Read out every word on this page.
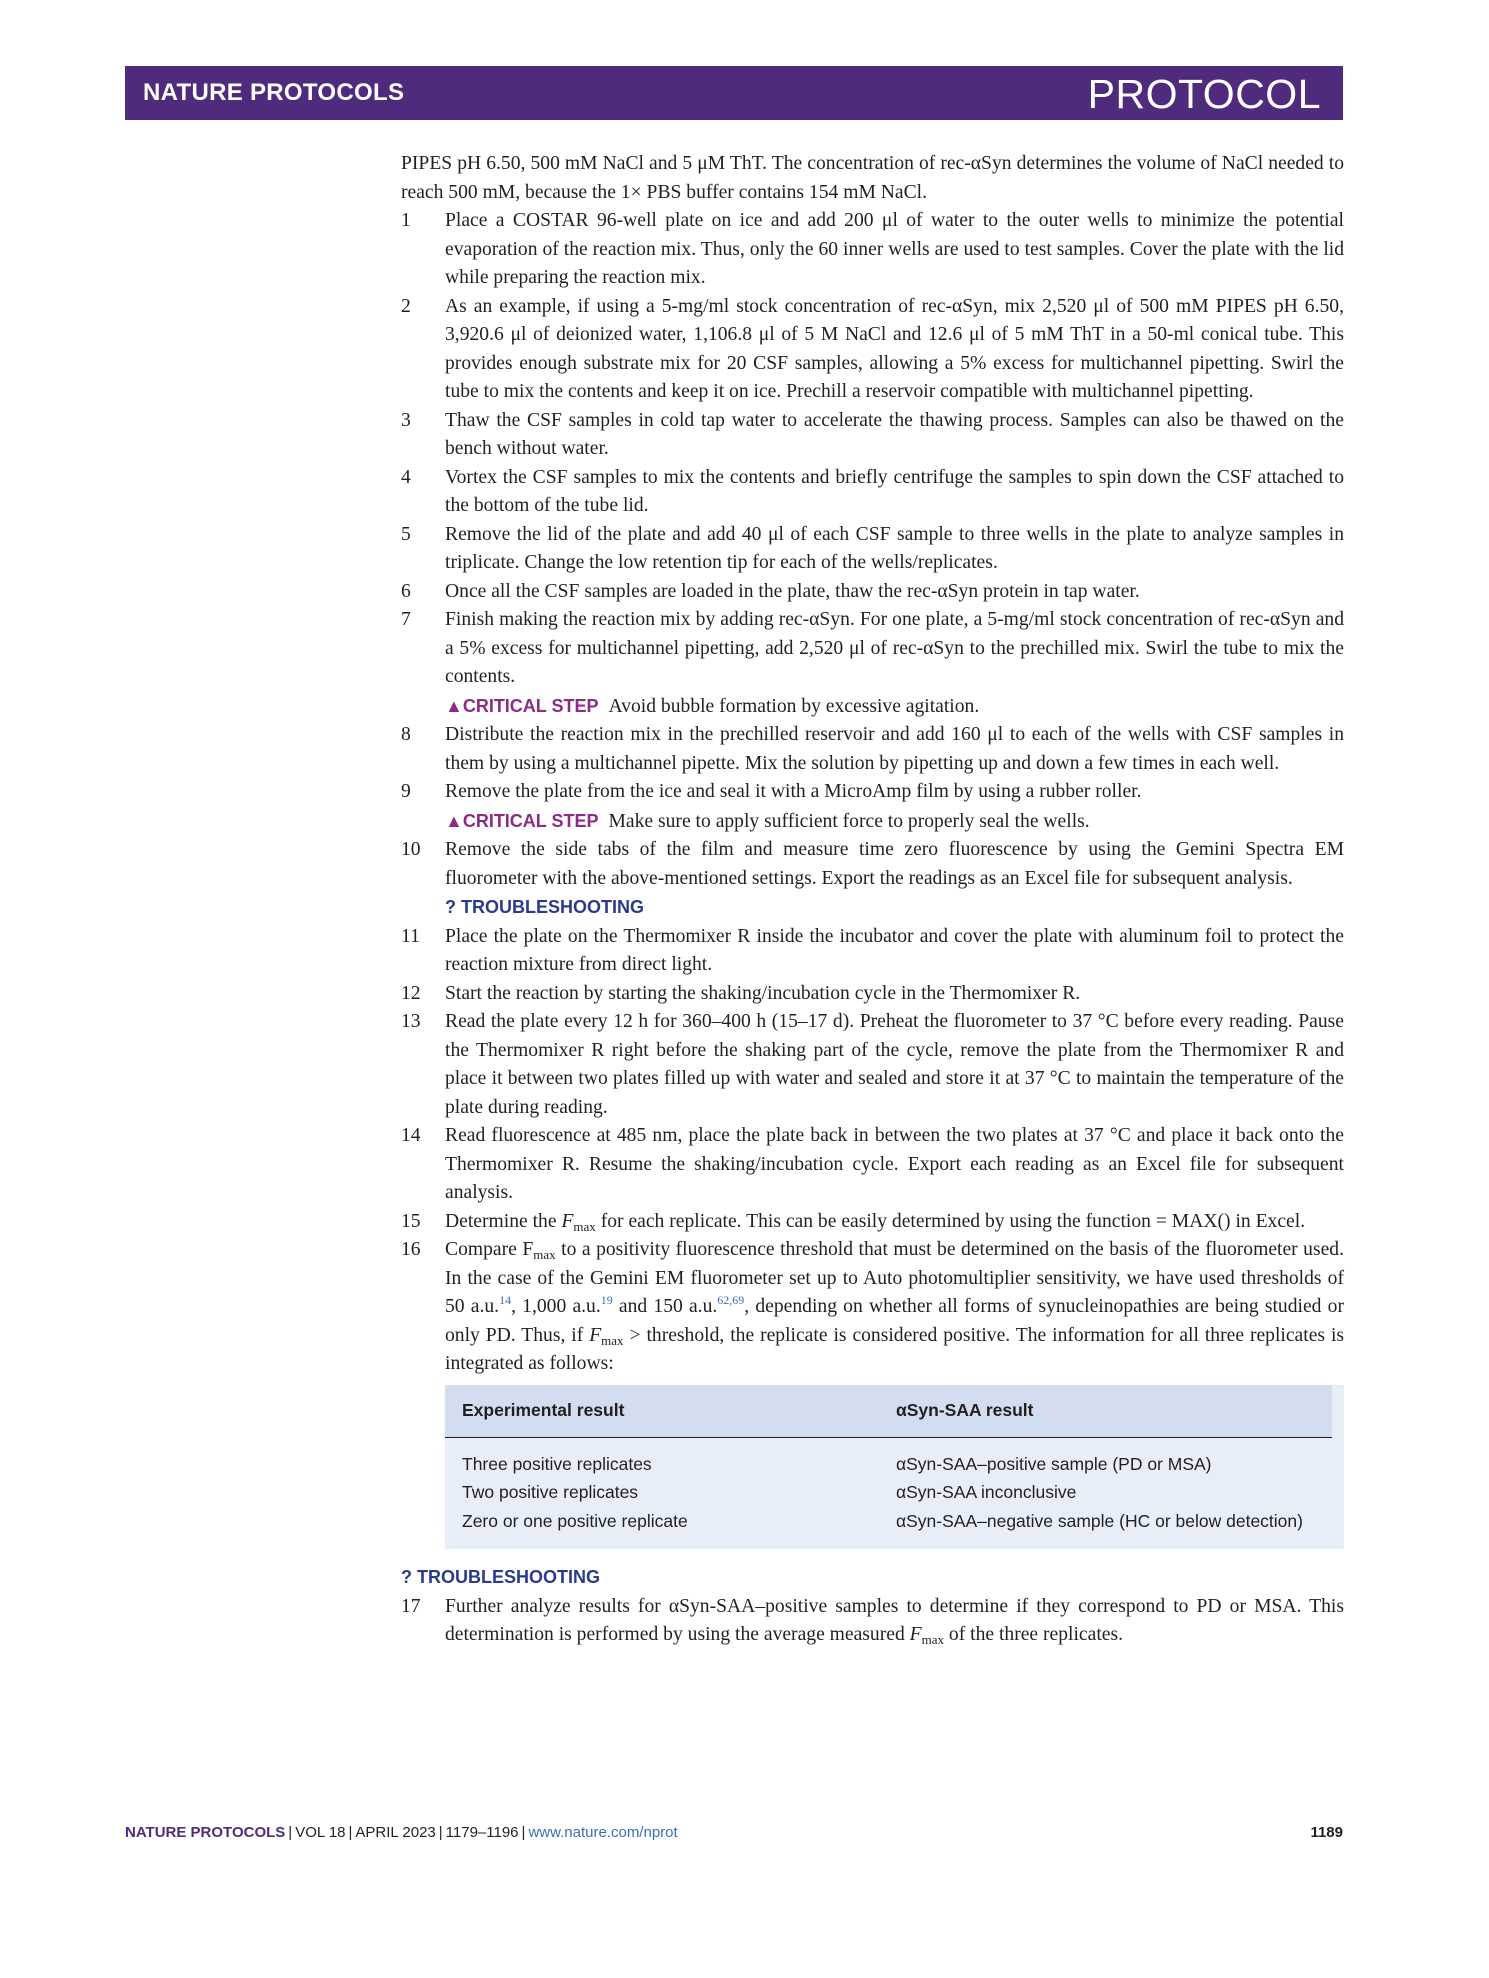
NATURE PROTOCOLS	PROTOCOL

PIPES pH 6.50, 500 mM NaCl and 5 μM ThT. The concentration of rec-αSyn determines the volume of NaCl needed to reach 500 mM, because the 1× PBS buffer contains 154 mM NaCl.

1	Place a COSTAR 96-well plate on ice and add 200 μl of water to the outer wells to minimize the potential evaporation of the reaction mix. Thus, only the 60 inner wells are used to test samples. Cover the plate with the lid while preparing the reaction mix.

2	As an example, if using a 5-mg/ml stock concentration of rec-αSyn, mix 2,520 μl of 500 mM PIPES pH 6.50, 3,920.6 μl of deionized water, 1,106.8 μl of 5 M NaCl and 12.6 μl of 5 mM ThT in a 50-ml conical tube. This provides enough substrate mix for 20 CSF samples, allowing a 5% excess for multichannel pipetting. Swirl the tube to mix the contents and keep it on ice. Prechill a reservoir compatible with multichannel pipetting.

3	Thaw the CSF samples in cold tap water to accelerate the thawing process. Samples can also be thawed on the bench without water.

4	Vortex the CSF samples to mix the contents and briefly centrifuge the samples to spin down the CSF attached to the bottom of the tube lid.

5	Remove the lid of the plate and add 40 μl of each CSF sample to three wells in the plate to analyze samples in triplicate. Change the low retention tip for each of the wells/replicates.

6	Once all the CSF samples are loaded in the plate, thaw the rec-αSyn protein in tap water.

7	Finish making the reaction mix by adding rec-αSyn. For one plate, a 5-mg/ml stock concentration of rec-αSyn and a 5% excess for multichannel pipetting, add 2,520 μl of rec-αSyn to the prechilled mix. Swirl the tube to mix the contents.

▲CRITICAL STEP Avoid bubble formation by excessive agitation.

8	Distribute the reaction mix in the prechilled reservoir and add 160 μl to each of the wells with CSF samples in them by using a multichannel pipette. Mix the solution by pipetting up and down a few times in each well.

9	Remove the plate from the ice and seal it with a MicroAmp film by using a rubber roller.

▲CRITICAL STEP Make sure to apply sufficient force to properly seal the wells.

10	Remove the side tabs of the film and measure time zero fluorescence by using the Gemini Spectra EM fluorometer with the above-mentioned settings. Export the readings as an Excel file for subsequent analysis.

? TROUBLESHOOTING

11	Place the plate on the Thermomixer R inside the incubator and cover the plate with aluminum foil to protect the reaction mixture from direct light.

12	Start the reaction by starting the shaking/incubation cycle in the Thermomixer R.

13	Read the plate every 12 h for 360–400 h (15–17 d). Preheat the fluorometer to 37 °C before every reading. Pause the Thermomixer R right before the shaking part of the cycle, remove the plate from the Thermomixer R and place it between two plates filled up with water and sealed and store it at 37 °C to maintain the temperature of the plate during reading.

14	Read fluorescence at 485 nm, place the plate back in between the two plates at 37 °C and place it back onto the Thermomixer R. Resume the shaking/incubation cycle. Export each reading as an Excel file for subsequent analysis.

15	Determine the $F_{max}$ for each replicate. This can be easily determined by using the function = MAX() in Excel.

16	Compare $F_{max}$ to a positivity fluorescence threshold that must be determined on the basis of the fluorometer used. In the case of the Gemini EM fluorometer set up to Auto photomultiplier sensitivity, we have used thresholds of 50 a.u.$^{14}$, 1,000 a.u.$^{19}$ and 150 a.u.$^{62,69}$, depending on whether all forms of synucleinopathies are being studied or only PD. Thus, if $F_{max}$ > threshold, the replicate is considered positive. The information for all three replicates is integrated as follows:

Experimental result	αSyn-SAA result
Three positive replicates	αSyn-SAA–positive sample (PD or MSA)
Two positive replicates	αSyn-SAA inconclusive
Zero or one positive replicate	αSyn-SAA–negative sample (HC or below detection)

? TROUBLESHOOTING

17	Further analyze results for αSyn-SAA–positive samples to determine if they correspond to PD or MSA. This determination is performed by using the average measured $F_{max}$ of the three replicates.

NATURE PROTOCOLS | VOL 18 | APRIL 2023 | 1179–1196 | www.nature.com/nprot	1189
